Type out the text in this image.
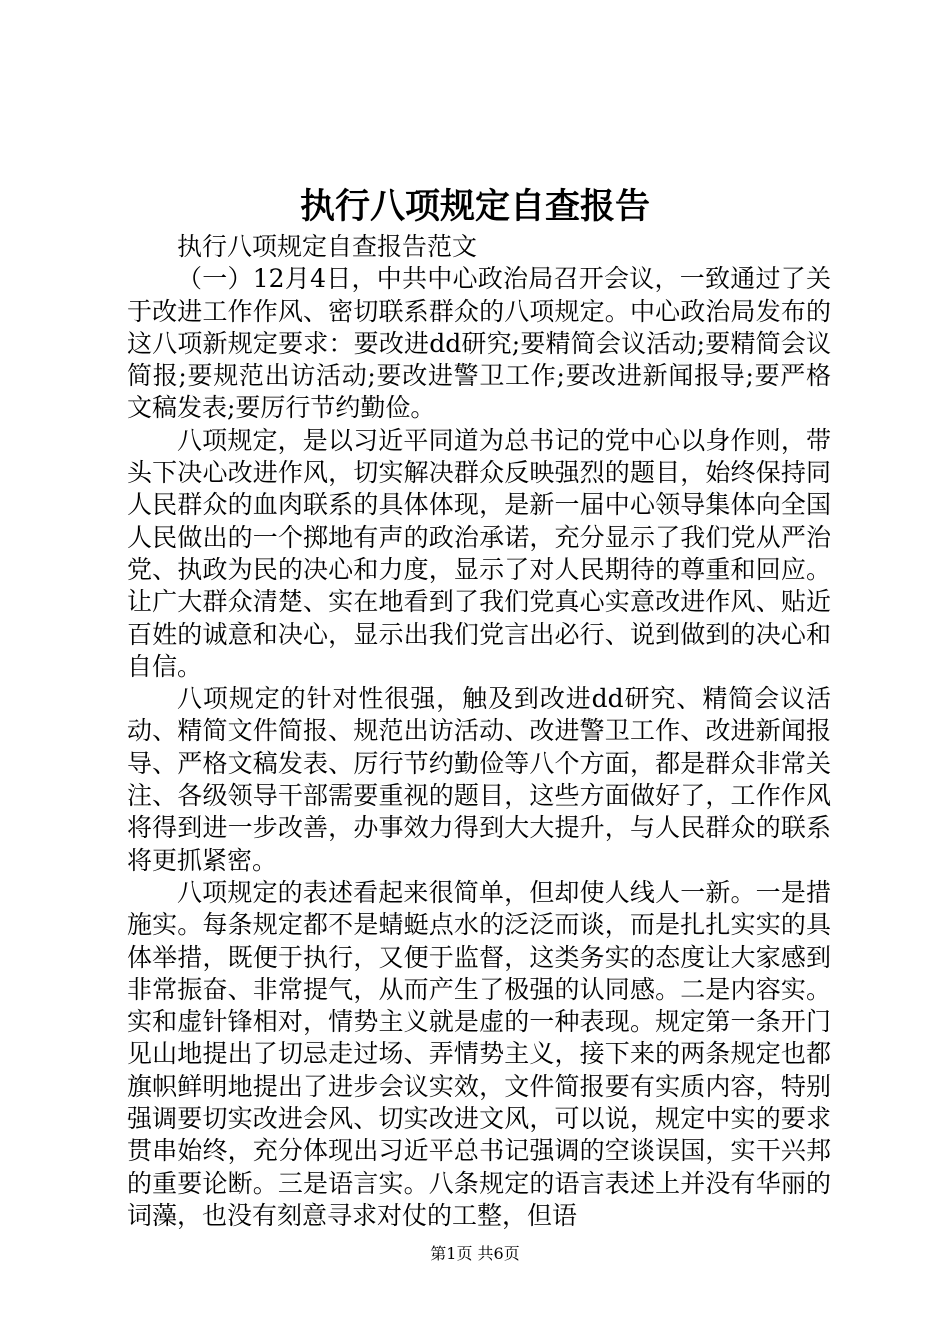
执行八项规定自查报告

执行八项规定自查报告范文

（一）12月4日，中共中心政治局召开会议，一致通过了关于改进工作作风、密切联系群众的八项规定。中心政治局发布的这八项新规定要求：要改进dd研究;要精简会议活动;要精简会议简报;要规范出访活动;要改进警卫工作;要改进新闻报导;要严格文稿发表;要厉行节约勤俭。

八项规定，是以习近平同道为总书记的党中心以身作则，带头下决心改进作风，切实解决群众反映强烈的题目，始终保持同人民群众的血肉联系的具体体现，是新一届中心领导集体向全国人民做出的一个掷地有声的政治承诺，充分显示了我们党从严治党、执政为民的决心和力度，显示了对人民期待的尊重和回应。让广大群众清楚、实在地看到了我们党真心实意改进作风、贴近百姓的诚意和决心，显示出我们党言出必行、说到做到的决心和自信。

八项规定的针对性很强，触及到改进dd研究、精简会议活动、精简文件简报、规范出访活动、改进警卫工作、改进新闻报导、严格文稿发表、厉行节约勤俭等八个方面，都是群众非常关注、各级领导干部需要重视的题目，这些方面做好了，工作作风将得到进一步改善，办事效力得到大大提升，与人民群众的联系将更抓紧密。

八项规定的表述看起来很简单，但却使人线人一新。一是措施实。每条规定都不是蜻蜓点水的泛泛而谈，而是扎扎实实的具体举措，既便于执行，又便于监督，这类务实的态度让大家感到非常振奋、非常提气，从而产生了极强的认同感。二是内容实。实和虚针锋相对，情势主义就是虚的一种表现。规定第一条开门见山地提出了切忌走过场、弄情势主义，接下来的两条规定也都旗帜鲜明地提出了进步会议实效，文件简报要有实质内容，特别强调要切实改进会风、切实改进文风，可以说，规定中实的要求贯串始终，充分体现出习近平总书记强调的空谈误国，实干兴邦的重要论断。三是语言实。八条规定的语言表述上并没有华丽的词藻，也没有刻意寻求对仗的工整，但语

第1页 共6页
